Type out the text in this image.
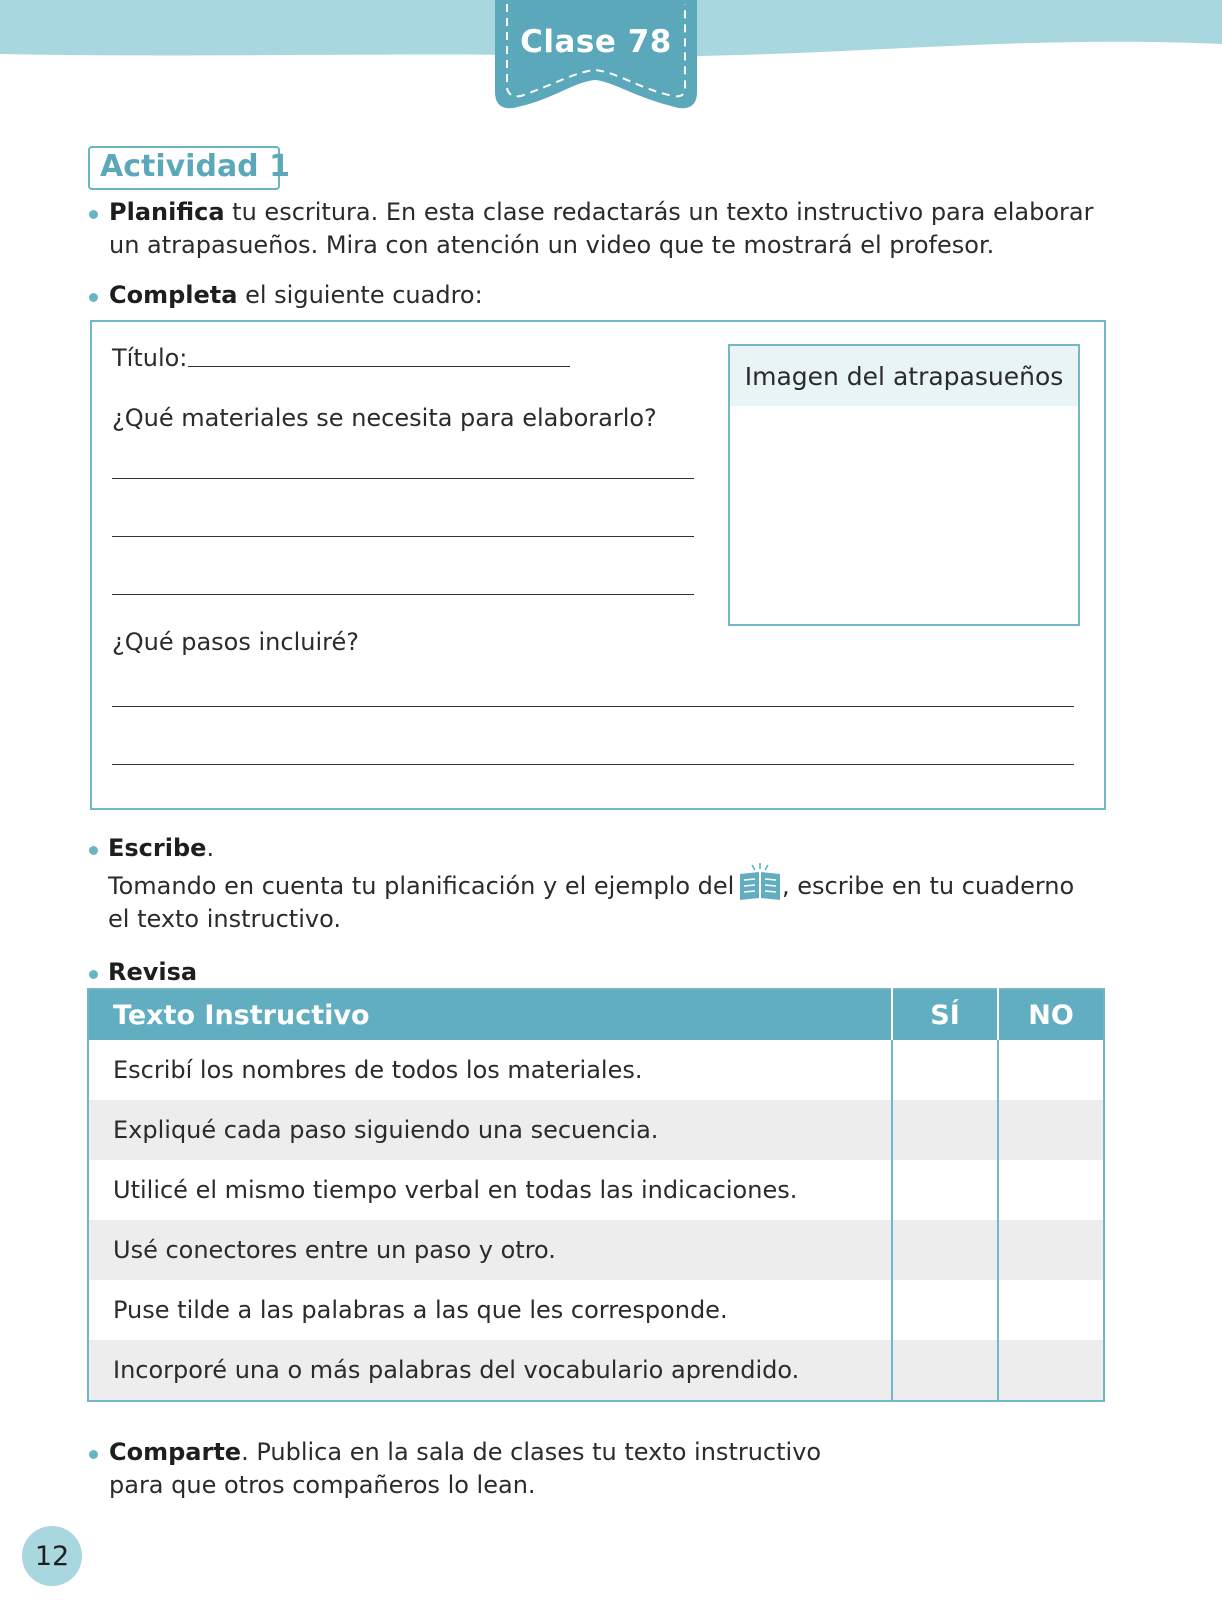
Clase 78
Actividad 1
Planifica tu escritura. En esta clase redactarás un texto instructivo para elaborar
un atrapasueños. Mira con atención un video que te mostrará el profesor.
Completa el siguiente cuadro:
Título:
¿Qué materiales se necesita para elaborarlo?
¿Qué pasos incluiré?
Imagen del atrapasueños
Escribe.
Tomando en cuenta tu planificación y el ejemplo del , escribe en tu cuaderno
el texto instructivo.
Revisa
Texto Instructivo	SÍ	NO
Escribí los nombres de todos los materiales.		
Expliqué cada paso siguiendo una secuencia.		
Utilicé el mismo tiempo verbal en todas las indicaciones.		
Usé conectores entre un paso y otro.		
Puse tilde a las palabras a las que les corresponde.		
Incorporé una o más palabras del vocabulario aprendido.		
Comparte. Publica en la sala de clases tu texto instructivo
para que otros compañeros lo lean.
12
